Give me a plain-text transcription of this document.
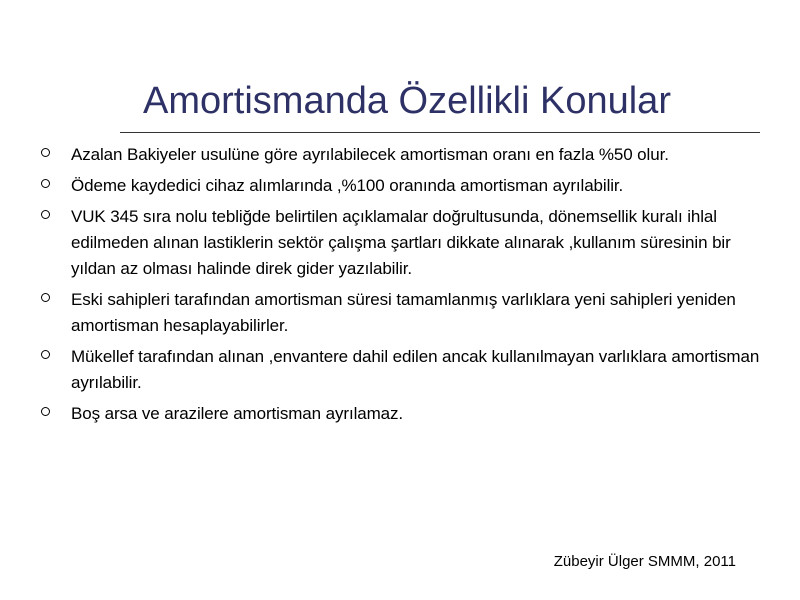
Amortismanda Özellikli Konular
Azalan Bakiyeler usulüne göre ayrılabilecek amortisman oranı en fazla %50 olur.
Ödeme kaydedici cihaz alımlarında ,%100 oranında amortisman ayrılabilir.
VUK 345 sıra nolu tebliğde belirtilen açıklamalar doğrultusunda, dönemsellik kuralı ihlal edilmeden alınan lastiklerin sektör çalışma şartları dikkate alınarak ,kullanım süresinin bir yıldan az olması halinde direk gider yazılabilir.
Eski sahipleri tarafından amortisman süresi tamamlanmış varlıklara yeni sahipleri yeniden amortisman hesaplayabilirler.
Mükellef tarafından alınan ,envantere dahil edilen ancak kullanılmayan varlıklara amortisman ayrılabilir.
Boş arsa ve arazilere amortisman ayrılamaz.
Zübeyir Ülger SMMM, 2011
